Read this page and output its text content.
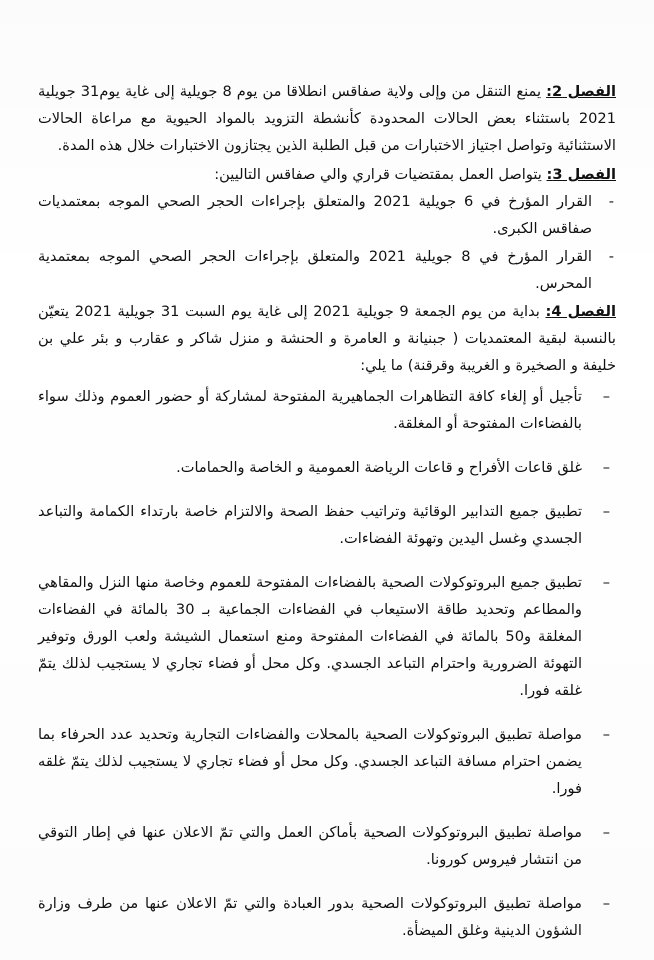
الفصل 2: يمنع التنقل من وإلى ولاية صفاقس انطلاقا من يوم 8 جويلية إلى غاية يوم31 جويلية 2021 باستثناء بعض الحالات المحدودة كأنشطة التزويد بالمواد الحيوية مع مراعاة الحالات الاستثنائية وتواصل اجتياز الاختبارات من قبل الطلبة الذين يجتازون الاختبارات خلال هذه المدة.

الفصل 3: يتواصل العمل بمقتضيات قراري والي صفاقس التاليين:

-
القرار المؤرخ في 6 جويلية 2021 والمتعلق بإجراءات الحجر الصحي الموجه بمعتمديات صفاقس الكبرى.
-
القرار المؤرخ في 8 جويلية 2021 والمتعلق بإجراءات الحجر الصحي الموجه بمعتمدية المحرس.

الفصل 4: بداية من يوم الجمعة 9 جويلية 2021 إلى غاية يوم السبت 31 جويلية 2021 يتعيّن بالنسبة لبقية المعتمديات ( جبنيانة و العامرة و الحنشة و منزل شاكر و عقارب و بئر علي بن خليفة و الصخيرة و الغريبة وقرقنة) ما يلي:

–
تأجيل أو إلغاء كافة التظاهرات الجماهيرية المفتوحة لمشاركة أو حضور العموم وذلك سواء بالفضاءات المفتوحة أو المغلقة.
–
غلق قاعات الأفراح و قاعات الرياضة العمومية و الخاصة والحمامات.
–
تطبيق جميع التدابير الوقائية وتراتيب حفظ الصحة والالتزام خاصة بارتداء الكمامة والتباعد الجسدي وغسل اليدين وتهوئة الفضاءات.
–
تطبيق جميع البروتوكولات الصحية بالفضاءات المفتوحة للعموم وخاصة منها النزل والمقاهي والمطاعم وتحديد طاقة الاستيعاب في الفضاءات الجماعية بـ 30 بالمائة في الفضاءات المغلقة و50 بالمائة في الفضاءات المفتوحة ومنع استعمال الشيشة ولعب الورق وتوفير التهوئة الضرورية واحترام التباعد الجسدي. وكل محل أو فضاء تجاري لا يستجيب لذلك يتمّ غلقه فورا.
–
مواصلة تطبيق البروتوكولات الصحية بالمحلات والفضاءات التجارية وتحديد عدد الحرفاء بما يضمن احترام مسافة التباعد الجسدي. وكل محل أو فضاء تجاري لا يستجيب لذلك يتمّ غلقه فورا.
–
مواصلة تطبيق البروتوكولات الصحية بأماكن العمل والتي تمّ الاعلان عنها في إطار التوقي من انتشار فيروس كورونا.
–
مواصلة تطبيق البروتوكولات الصحية بدور العبادة والتي تمّ الاعلان عنها من طرف وزارة الشؤون الدينية وغلق الميضأة.
